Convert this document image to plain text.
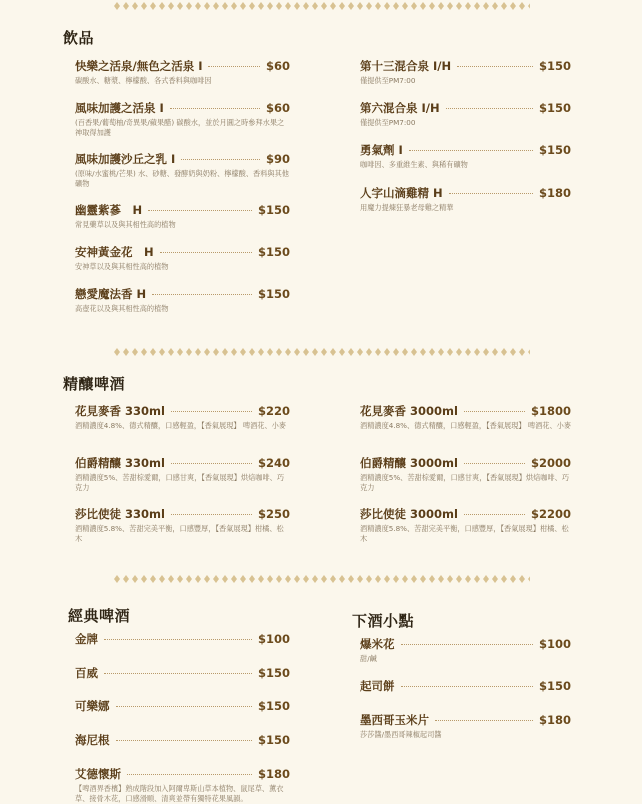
飲品
精釀啤酒
經典啤酒	下酒小點
快樂之活泉/無色之活泉 I	$60
碳酸水、糖漿、檸檬酸、各式香料與咖啡因
風味加護之活泉 I	$60
(百香果/葡萄柚/奇異果/蘋果醋) 碳酸水，並於月圓之時參拜水果之神取得加護
風味加護沙丘之乳 I	$90
(原味/水蜜桃/芒果) 水、砂糖、發酵奶與奶粉、檸檬酸、香料與其他礦物
幽靈紫蔘　H	$150
常見藥草以及與其相性高的植物
安神黃金花　H	$150
安神草以及與其相性高的植物
戀愛魔法香 H	$150
高壺花以及與其相性高的植物
第十三混合泉 I/H	$150
僅提供至PM7:00
第六混合泉 I/H	$150
僅提供至PM7:00
勇氣劑 I	$150
咖啡因、多重維生素、與稀有礦物
人字山滴雞精 H	$180
用魔力提煉狂暴老母雞之精華
花見麥香 330ml	$220
酒精濃度4.8%、德式精釀，口感輕盈，【香氣展現】 啤酒花、小麥
伯爵精釀 330ml	$240
酒精濃度5%、苦甜棕愛爾，口感甘爽，【香氣展現】烘焙咖啡、巧克力
莎比使徒 330ml	$250
酒精濃度5.8%、苦甜完美平衡，口感豐厚，【香氣展現】柑橘、松木
花見麥香 3000ml	$1800
酒精濃度4.8%、德式精釀，口感輕盈，【香氣展現】 啤酒花、小麥
伯爵精釀 3000ml	$2000
酒精濃度5%、苦甜棕愛爾，口感甘爽，【香氣展現】烘焙咖啡、巧克力
莎比使徒 3000ml	$2200
酒精濃度5.8%、苦甜完美平衡，口感豐厚，【香氣展現】柑橘、松木
金牌	$100
百威	$150
可樂娜	$150
海尼根	$150
艾德懷斯	$180
【啤酒界香檳】熟成階段加入阿爾卑斯山草本植物、鼠尾草、薰衣草、接骨木花，口感滑順、清爽並帶有獨特花果風韻。
爆米花	$100
甜/鹹
起司餅	$150
墨西哥玉米片	$180
莎莎醬/墨西哥辣椒起司醬
